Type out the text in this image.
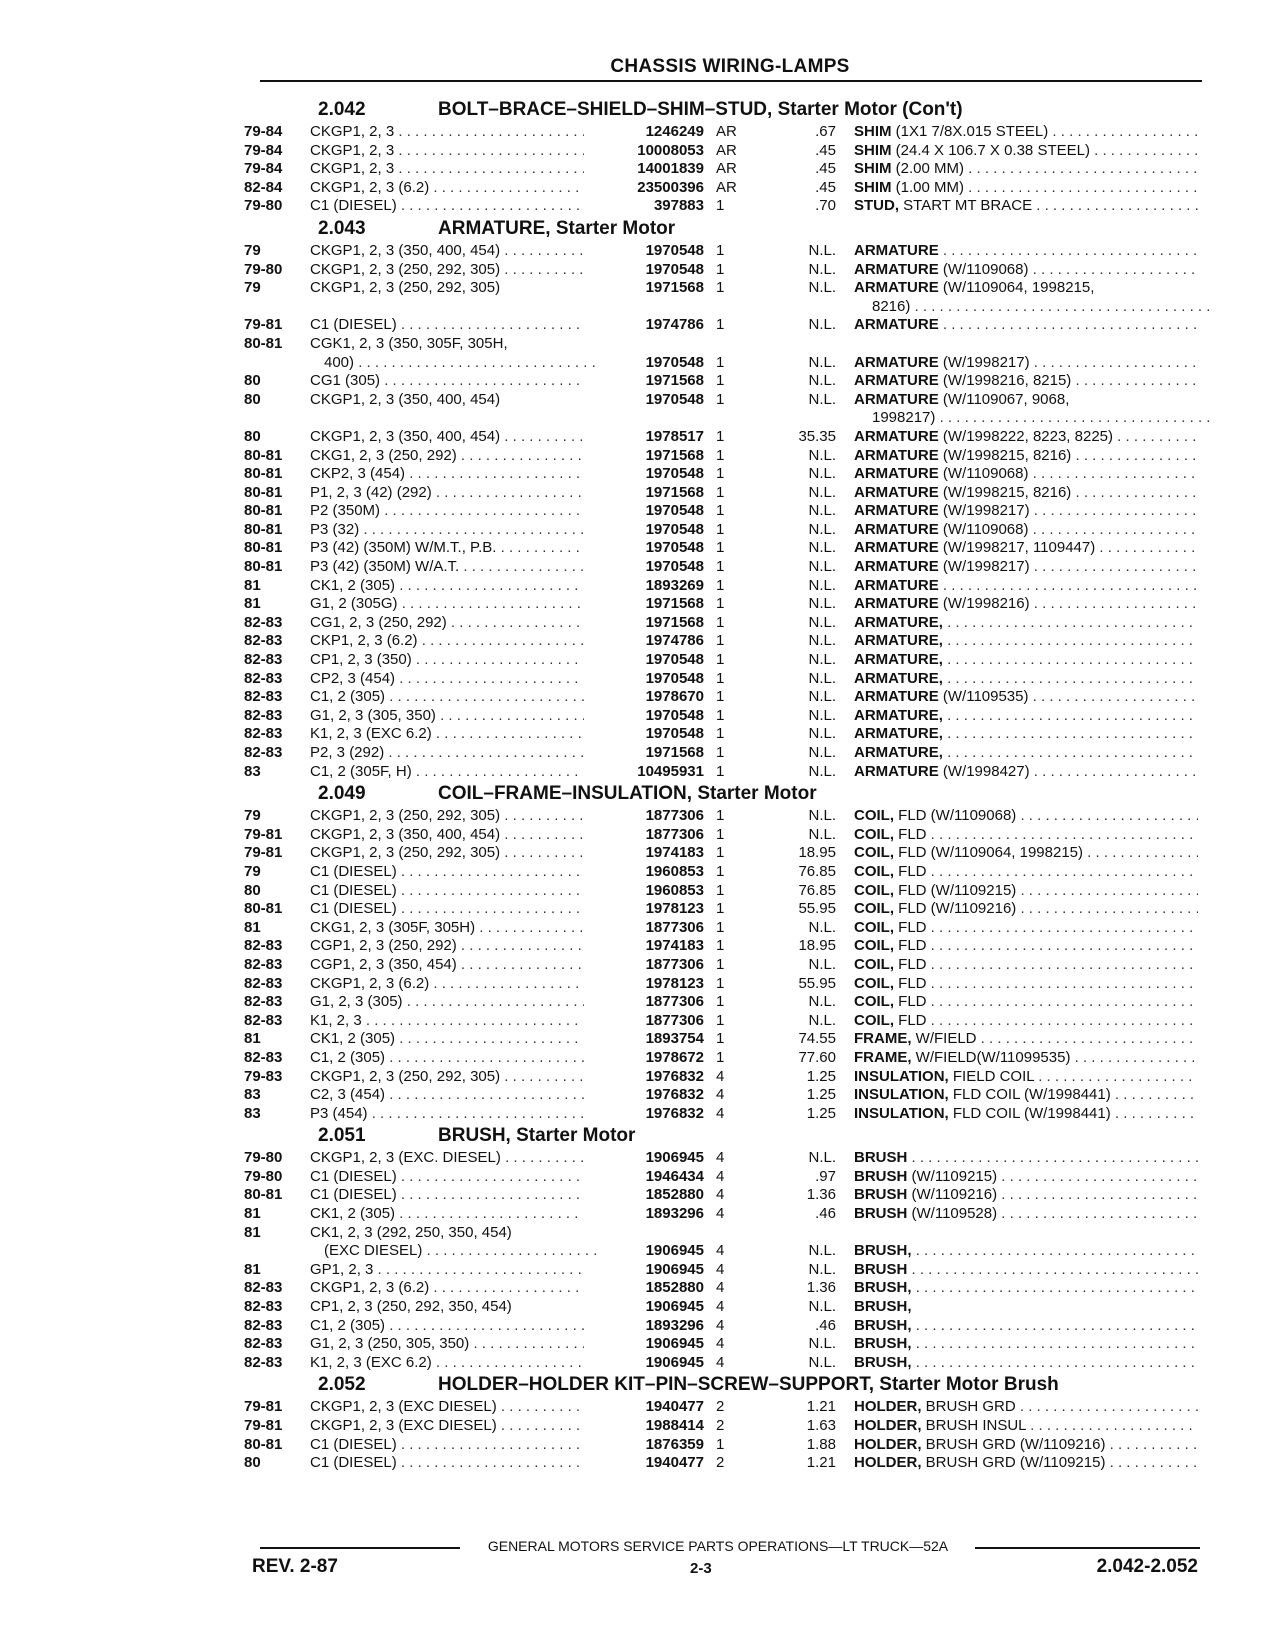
CHASSIS WIRING-LAMPS
2.042	BOLT–BRACE–SHIELD–SHIM–STUD, Starter Motor (Con't)
79-84	CKGP1, 2, 3 . . .	1246249 AR	.67 SHIM (1X1 7/8X.015 STEEL) . . .
79-84	CKGP1, 2, 3 . . .	10008053 AR	.45 SHIM (24.4 X 106.7 X 0.38 STEEL) . . .
79-84	CKGP1, 2, 3 . . .	14001839 AR	.45 SHIM (2.00 MM) . . .
82-84	CKGP1, 2, 3 (6.2) . . .	23500396 AR	.45 SHIM (1.00 MM) . . .
79-80	C1 (DIESEL) . . .	397883 1	.70 STUD, START MT BRACE . . .
2.043	ARMATURE, Starter Motor
79	CKGP1, 2, 3 (350, 400, 454) . . .	1970548 1	N.L. ARMATURE . . .
79-80	CKGP1, 2, 3 (250, 292, 305) . . .	1970548 1	N.L. ARMATURE (W/1109068) . . .
79	CKGP1, 2, 3 (250, 292, 305)	1971568 1	N.L. ARMATURE (W/1109064, 1998215,
8216) . . .
79-81	C1 (DIESEL) . . .	1974786 1	N.L. ARMATURE . . .
80-81	CGK1, 2, 3 (350, 305F, 305H,
400) . . .	1970548 1	N.L. ARMATURE (W/1998217) . . .
80	CG1 (305) . . .	1971568 1	N.L. ARMATURE (W/1998216, 8215) . . .
80	CKGP1, 2, 3 (350, 400, 454)	1970548 1	N.L. ARMATURE (W/1109067, 9068,
1998217) . . .
80	CKGP1, 2, 3 (350, 400, 454) . . .	1978517 1	35.35 ARMATURE (W/1998222, 8223, 8225) . . .
80-81	CKG1, 2, 3 (250, 292) . . .	1971568 1	N.L. ARMATURE (W/1998215, 8216) . . .
80-81	CKP2, 3 (454) . . .	1970548 1	N.L. ARMATURE (W/1109068) . . .
80-81	P1, 2, 3 (42) (292) . . .	1971568 1	N.L. ARMATURE (W/1998215, 8216) . . .
80-81	P2 (350M) . . .	1970548 1	N.L. ARMATURE (W/1998217) . . .
80-81	P3 (32) . . .	1970548 1	N.L. ARMATURE (W/1109068) . . .
80-81	P3 (42) (350M) W/M.T., P.B. . . .	1970548 1	N.L. ARMATURE (W/1998217, 1109447) . . .
80-81	P3 (42) (350M) W/A.T. . . .	1970548 1	N.L. ARMATURE (W/1998217) . . .
81	CK1, 2 (305) . . .	1893269 1	N.L. ARMATURE . . .
81	G1, 2 (305G) . . .	1971568 1	N.L. ARMATURE (W/1998216) . . .
82-83	CG1, 2, 3 (250, 292) . . .	1971568 1	N.L. ARMATURE, . . .
82-83	CKP1, 2, 3 (6.2) . . .	1974786 1	N.L. ARMATURE, . . .
82-83	CP1, 2, 3 (350) . . .	1970548 1	N.L. ARMATURE, . . .
82-83	CP2, 3 (454) . . .	1970548 1	N.L. ARMATURE, . . .
82-83	C1, 2 (305) . . .	1978670 1	N.L. ARMATURE (W/1109535) . . .
82-83	G1, 2, 3 (305, 350) . . .	1970548 1	N.L. ARMATURE, . . .
82-83	K1, 2, 3 (EXC 6.2) . . .	1970548 1	N.L. ARMATURE, . . .
82-83	P2, 3 (292) . . .	1971568 1	N.L. ARMATURE, . . .
83	C1, 2 (305F, H) . . .	10495931 1	N.L. ARMATURE (W/1998427) . . .
2.049	COIL–FRAME–INSULATION, Starter Motor
79	CKGP1, 2, 3 (250, 292, 305) . . .	1877306 1	N.L. COIL, FLD (W/1109068) . . .
79-81	CKGP1, 2, 3 (350, 400, 454) . . .	1877306 1	N.L. COIL, FLD . . .
79-81	CKGP1, 2, 3 (250, 292, 305) . . .	1974183 1	18.95 COIL, FLD (W/1109064, 1998215) . . .
79	C1 (DIESEL) . . .	1960853 1	76.85 COIL, FLD . . .
80	C1 (DIESEL) . . .	1960853 1	76.85 COIL, FLD (W/1109215) . . .
80-81	C1 (DIESEL) . . .	1978123 1	55.95 COIL, FLD (W/1109216) . . .
81	CKG1, 2, 3 (305F, 305H) . . .	1877306 1	N.L. COIL, FLD . . .
82-83	CGP1, 2, 3 (250, 292) . . .	1974183 1	18.95 COIL, FLD . . .
82-83	CGP1, 2, 3 (350, 454) . . .	1877306 1	N.L. COIL, FLD . . .
82-83	CKGP1, 2, 3 (6.2) . . .	1978123 1	55.95 COIL, FLD . . .
82-83	G1, 2, 3 (305) . . .	1877306 1	N.L. COIL, FLD . . .
82-83	K1, 2, 3 . . .	1877306 1	N.L. COIL, FLD . . .
81	CK1, 2 (305) . . .	1893754 1	74.55 FRAME, W/FIELD . . .
82-83	C1, 2 (305) . . .	1978672 1	77.60 FRAME, W/FIELD(W/11099535) . . .
79-83	CKGP1, 2, 3 (250, 292, 305) . . .	1976832 4	1.25 INSULATION, FIELD COIL . . .
83	C2, 3 (454) . . .	1976832 4	1.25 INSULATION, FLD COIL (W/1998441) . . .
83	P3 (454) . . .	1976832 4	1.25 INSULATION, FLD COIL (W/1998441) . . .
2.051	BRUSH, Starter Motor
79-80	CKGP1, 2, 3 (EXC. DIESEL) . . .	1906945 4	N.L. BRUSH . . .
79-80	C1 (DIESEL) . . .	1946434 4	.97 BRUSH (W/1109215) . . .
80-81	C1 (DIESEL) . . .	1852880 4	1.36 BRUSH (W/1109216) . . .
81	CK1, 2 (305) . . .	1893296 4	.46 BRUSH (W/1109528) . . .
81	CK1, 2, 3 (292, 250, 350, 454)
(EXC DIESEL) . . .	1906945 4	N.L. BRUSH, . . .
81	GP1, 2, 3 . . .	1906945 4	N.L. BRUSH . . .
82-83	CKGP1, 2, 3 (6.2) . . .	1852880 4	1.36 BRUSH, . . .
82-83	CP1, 2, 3 (250, 292, 350, 454)	1906945 4	N.L. BRUSH,
82-83	C1, 2 (305) . . .	1893296 4	.46 BRUSH, . . .
82-83	G1, 2, 3 (250, 305, 350) . . .	1906945 4	N.L. BRUSH, . . .
82-83	K1, 2, 3 (EXC 6.2) . . .	1906945 4	N.L. BRUSH, . . .
2.052	HOLDER–HOLDER KIT–PIN–SCREW–SUPPORT, Starter Motor Brush
79-81	CKGP1, 2, 3 (EXC DIESEL) . . .	1940477 2	1.21 HOLDER, BRUSH GRD . . .
79-81	CKGP1, 2, 3 (EXC DIESEL) . . .	1988414 2	1.63 HOLDER, BRUSH INSUL . . .
80-81	C1 (DIESEL) . . .	1876359 1	1.88 HOLDER, BRUSH GRD (W/1109216) . . .
80	C1 (DIESEL) . . .	1940477 2	1.21 HOLDER, BRUSH GRD (W/1109215) . . .
GENERAL MOTORS SERVICE PARTS OPERATIONS—LT TRUCK—52A
REV. 2-87	2-3	2.042-2.052
